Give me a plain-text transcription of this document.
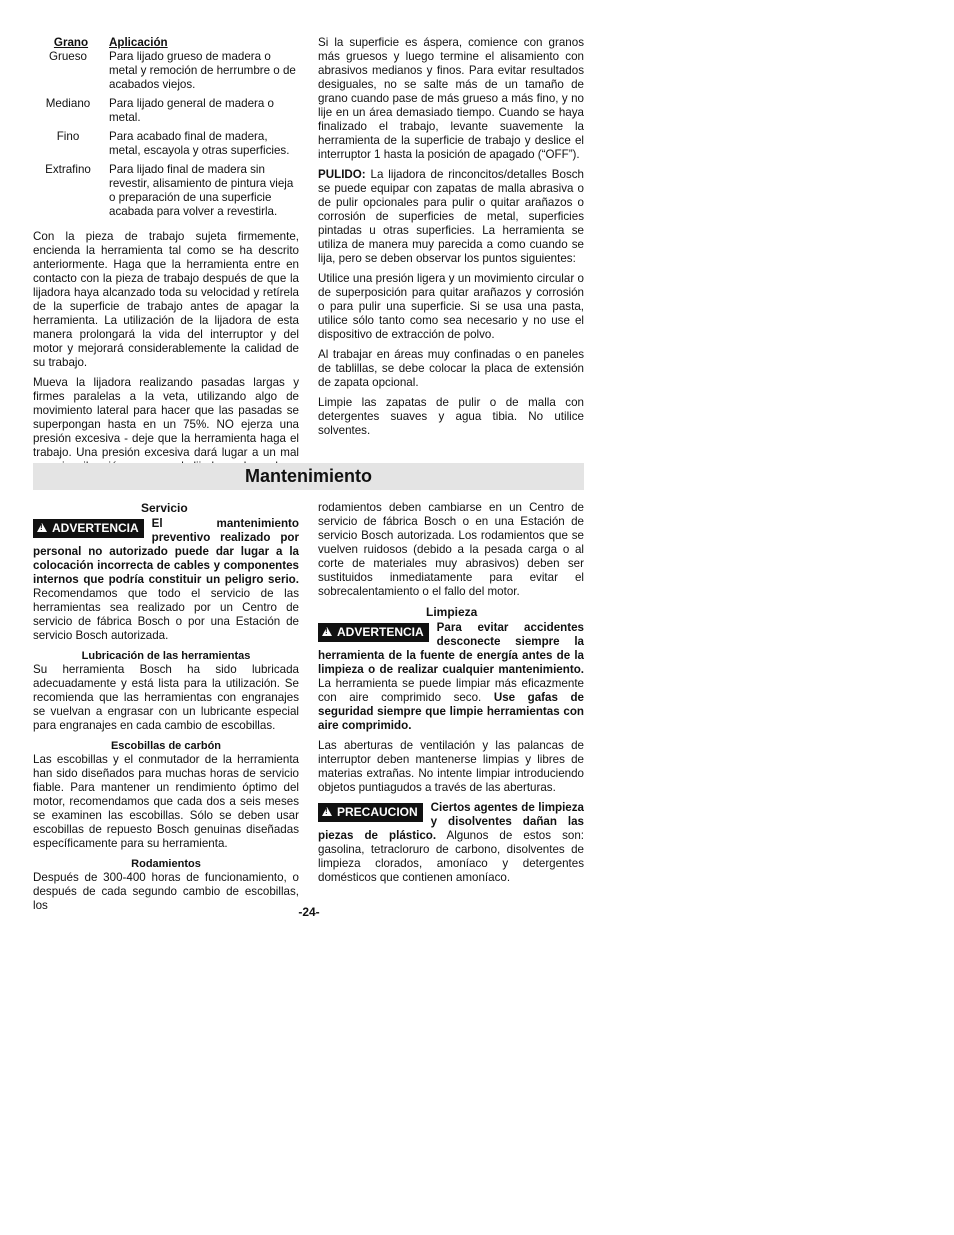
Grano	Aplicación
Grueso	Para lijado grueso de madera o metal y remoción de herrumbre o de acabados viejos.
Mediano	Para lijado general de madera o metal.
Fino	Para acabado final de madera, metal, escayola y otras superficies.
Extrafino	Para lijado final de madera sin revestir, alisamiento de pintura vieja o preparación de una superficie acabada para volver a revestirla.

Con la pieza de trabajo sujeta firmemente, encienda la herramienta tal como se ha descrito anteriormente. Haga que la herramienta entre en contacto con la pieza de trabajo después de que la lijadora haya alcanzado toda su velocidad y retírela de la superficie de trabajo antes de apagar la herramienta. La utilización de la lijadora de esta manera prolongará la vida del interruptor y del motor y mejorará considerablemente la calidad de su trabajo.

Mueva la lijadora realizando pasadas largas y firmes paralelas a la veta, utilizando algo de movimiento lateral para hacer que las pasadas se superpongan hasta en un 75%. NO ejerza una presión excesiva - deje que la herramienta haga el trabajo. Una presión excesiva dará lugar a un mal

Si la superficie es áspera, comience con granos más gruesos y luego termine el alisamiento con abrasivos medianos y finos. Para evitar resultados desiguales, no se salte más de un tamaño de grano cuando pase de más grueso a más fino, y no lije en un área demasiado tiempo. Cuando se haya finalizado el trabajo, levante suavemente la herramienta de la superficie de trabajo y deslice el interruptor 1 hasta la posición de apagado (“OFF”).

PULIDO: La lijadora de rinconcitos/detalles Bosch se puede equipar con zapatas de malla abrasiva o de pulir opcionales para pulir o quitar arañazos o corrosión de superficies de metal, superficies pintadas u otras superficies. La herramienta se utiliza de manera muy parecida a como cuando se lija, pero se deben observar los puntos siguientes:

Utilice una presión ligera y un movimiento circular o de superposición para quitar arañazos y corrosión o para pulir una superficie. Si se usa una pasta, utilice sólo tanto como sea necesario y no use el dispositivo de extracción de polvo.

Al trabajar en áreas muy confinadas o en paneles de tablillas, se debe colocar la placa de extensión de zapata opcional.

Limpie las zapatas de pulir o de malla con detergentes suaves y agua tibia. No utilice solventes.

Mantenimiento
Servicio

!ADVERTENCIA	El mantenimiento preventivo realizado por personal no autorizado puede dar lugar a la colocación incorrecta de cables y componentes internos que podría constituir un peligro serio. Recomendamos que todo el servicio de las herramientas sea realizado por un Centro de servicio de fábrica Bosch o por una Estación de servicio Bosch autorizada.

Lubricación de las herramientas

Su herramienta Bosch ha sido lubricada adecuadamente y está lista para la utilización. Se recomienda que las herramientas con engranajes se vuelvan a engrasar con un lubricante especial para engranajes en cada cambio de escobillas.

Escobillas de carbón

Las escobillas y el conmutador de la herramienta han sido diseñados para muchas horas de servicio fiable. Para mantener un rendimiento óptimo del motor, recomendamos que cada dos a seis meses se examinen las escobillas. Sólo se deben usar escobillas de repuesto Bosch genuinas diseñadas específicamente para su herramienta.

Rodamientos

Después de 300-400 horas de funcionamiento, o después de cada segundo cambio de escobillas, los

rodamientos deben cambiarse en un Centro de servicio de fábrica Bosch o en una Estación de servicio Bosch autorizada. Los rodamientos que se vuelven ruidosos (debido a la pesada carga o al corte de materiales muy abrasivos) deben ser sustituidos inmediatamente para evitar el sobrecalentamiento o el fallo del motor.

Limpieza

!ADVERTENCIA	Para evitar accidentes desconecte siempre la herramienta de la fuente de energía antes de la limpieza o de realizar cualquier mantenimiento. La herramienta se puede limpiar más eficazmente con aire comprimido seco. Use gafas de seguridad siempre que limpie herramientas con aire comprimido.

Las aberturas de ventilación y las palancas de interruptor deben mantenerse limpias y libres de materias extrañas. No intente limpiar introduciendo objetos puntiagudos a través de las aberturas.

!PRECAUCION	Ciertos agentes de limpieza y disolventes dañan las piezas de plástico. Algunos de estos son: gasolina, tetracloruro de carbono, disolventes de limpieza clorados, amoníaco y detergentes domésticos que contienen amoníaco.

-24-
